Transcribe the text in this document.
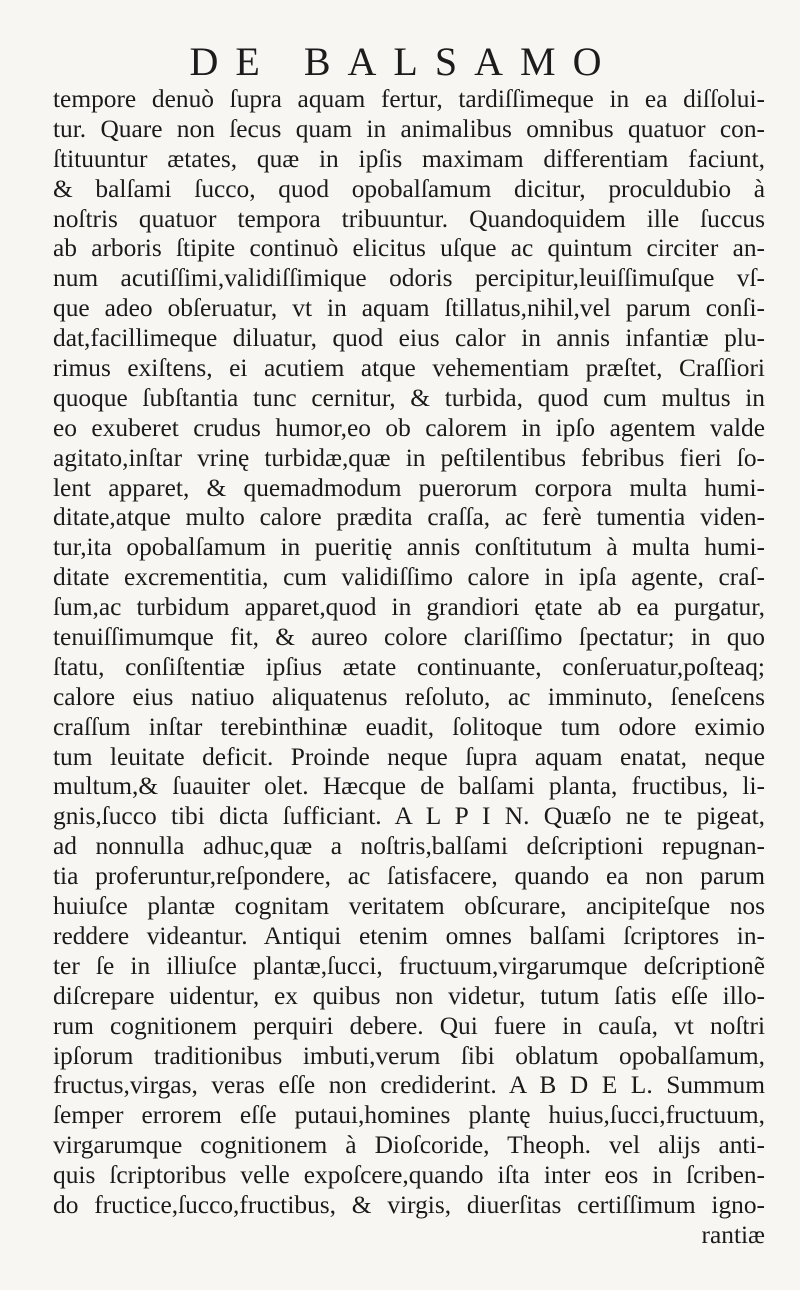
DE BALSAMO
tempore denuò ſupra aquam fertur, tardiſſimeque in ea diſſolui-
tur. Quare non ſecus quam in animalibus omnibus quatuor con-
ſtituuntur ætates, quæ in ipſis maximam differentiam faciunt,
& balſami ſucco, quod opobalſamum dicitur, proculdubio à
noſtris quatuor tempora tribuuntur. Quandoquidem ille ſuccus
ab arboris ſtipite continuò elicitus uſque ac quintum circiter an-
num acutiſſimi,validiſſimique odoris percipitur,leuiſſimuſque vſ-
que adeo obſeruatur, vt in aquam ſtillatus,nihil,vel parum conſi-
dat,facillimeque diluatur, quod eius calor in annis infantiæ plu-
rimus exiſtens, ei acutiem atque vehementiam præſtet, Craſſiori
quoque ſubſtantia tunc cernitur, & turbida, quod cum multus in
eo exuberet crudus humor,eo ob calorem in ipſo agentem valde
agitato,inſtar vrinę turbidæ,quæ in peſtilentibus febribus fieri ſo-
lent apparet, & quemadmodum puerorum corpora multa humi-
ditate,atque multo calore prædita craſſa, ac ferè tumentia viden-
tur,ita opobalſamum in pueritię annis conſtitutum à multa humi-
ditate excrementitia, cum validiſſimo calore in ipſa agente, craſ-
ſum,ac turbidum apparet,quod in grandiori ętate ab ea purgatur,
tenuiſſimumque fit, & aureo colore clariſſimo ſpectatur; in quo
ſtatu, conſiſtentiæ ipſius ætate continuante, conſeruatur,poſteaq;
calore eius natiuo aliquatenus reſoluto, ac imminuto, ſeneſcens
craſſum inſtar terebinthinæ euadit, ſolitoque tum odore eximio
tum leuitate deficit. Proinde neque ſupra aquam enatat, neque
multum,& ſuauiter olet. Hæcque de balſami planta, fructibus, li-
gnis,ſucco tibi dicta ſufficiant. A L P I N. Quæſo ne te pigeat,
ad nonnulla adhuc,quæ a noſtris,balſami deſcriptioni repugnan-
tia proferuntur,reſpondere, ac ſatisfacere, quando ea non parum
huiuſce plantæ cognitam veritatem obſcurare, ancipiteſque nos
reddere videantur. Antiqui etenim omnes balſami ſcriptores in-
ter ſe in illiuſce plantæ,ſucci, fructuum,virgarumque deſcriptionẽ
diſcrepare uidentur, ex quibus non videtur, tutum ſatis eſſe illo-
rum cognitionem perquiri debere. Qui fuere in cauſa, vt noſtri
ipſorum traditionibus imbuti,verum ſibi oblatum opobalſamum,
fructus,virgas, veras eſſe non crediderint. A B D E L. Summum
ſemper errorem eſſe putaui,homines plantę huius,ſucci,fructuum,
virgarumque cognitionem à Dioſcoride, Theoph. vel alijs anti-
quis ſcriptoribus velle expoſcere,quando iſta inter eos in ſcriben-
do fructice,ſucco,fructibus, & virgis, diuerſitas certiſſimum igno-
rantiæ
